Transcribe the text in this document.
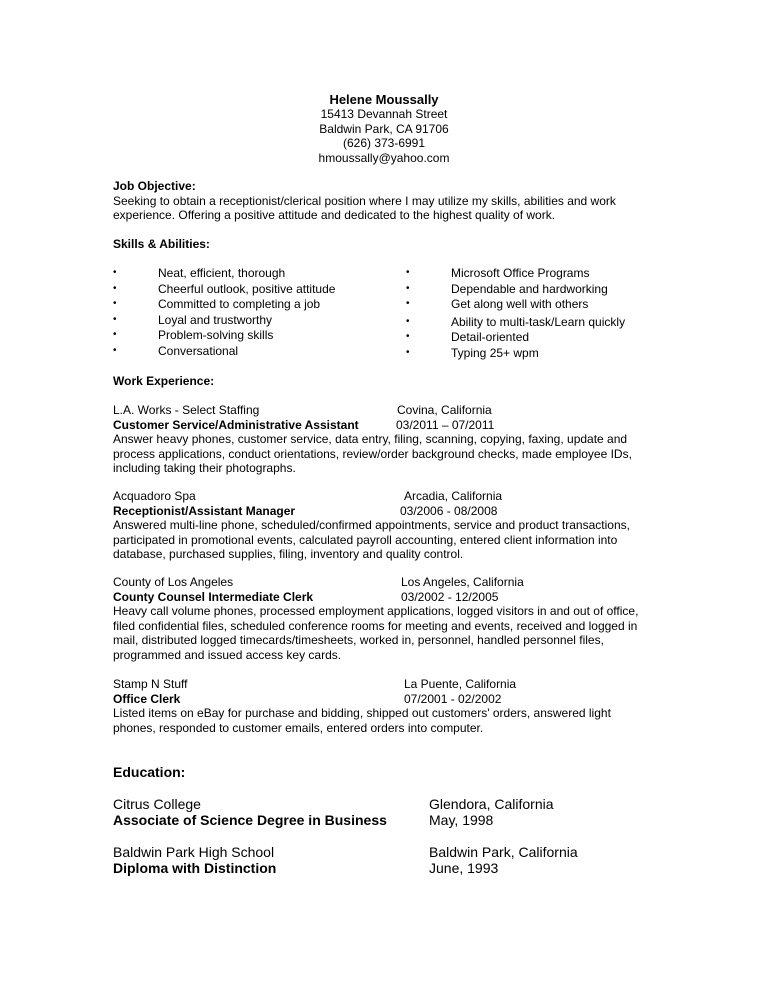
Helene Moussally
15413 Devannah Street
Baldwin Park, CA 91706
(626) 373-6991
hmoussally@yahoo.com
Job Objective:
Seeking to obtain a receptionist/clerical position where I may utilize my skills, abilities and work
experience. Offering a positive attitude and dedicated to the highest quality of work.
Skills & Abilities:
•	Neat, efficient, thorough
•	Cheerful outlook, positive attitude
•	Committed to completing a job
•	Loyal and trustworthy
•	Problem-solving skills
•	Conversational
•	Microsoft Office Programs
•	Dependable and hardworking
•	Get along well with others
•	Ability to multi-task/Learn quickly
•	Detail-oriented
•	Typing 25+ wpm
Work Experience:
L.A. Works - Select Staffing	Covina, California
Customer Service/Administrative Assistant	03/2011 – 07/2011
Answer heavy phones, customer service, data entry, filing, scanning, copying, faxing, update and
process applications, conduct orientations, review/order background checks, made employee IDs,
including taking their photographs.
Acquadoro Spa	Arcadia, California
Receptionist/Assistant Manager	03/2006 - 08/2008
Answered multi-line phone, scheduled/confirmed appointments, service and product transactions,
participated in promotional events, calculated payroll accounting, entered client information into
database, purchased supplies, filing, inventory and quality control.
County of Los Angeles	Los Angeles, California
County Counsel Intermediate Clerk	03/2002 - 12/2005
Heavy call volume phones, processed employment applications, logged visitors in and out of office,
filed confidential files, scheduled conference rooms for meeting and events, received and logged in
mail, distributed logged timecards/timesheets, worked in, personnel, handled personnel files,
programmed and issued access key cards.
Stamp N Stuff	La Puente, California
Office Clerk	07/2001 - 02/2002
Listed items on eBay for purchase and bidding, shipped out customers' orders, answered light
phones, responded to customer emails, entered orders into computer.
Education:
Citrus College	Glendora, California
Associate of Science Degree in Business	May, 1998
Baldwin Park High School	Baldwin Park, California
Diploma with Distinction	June, 1993
